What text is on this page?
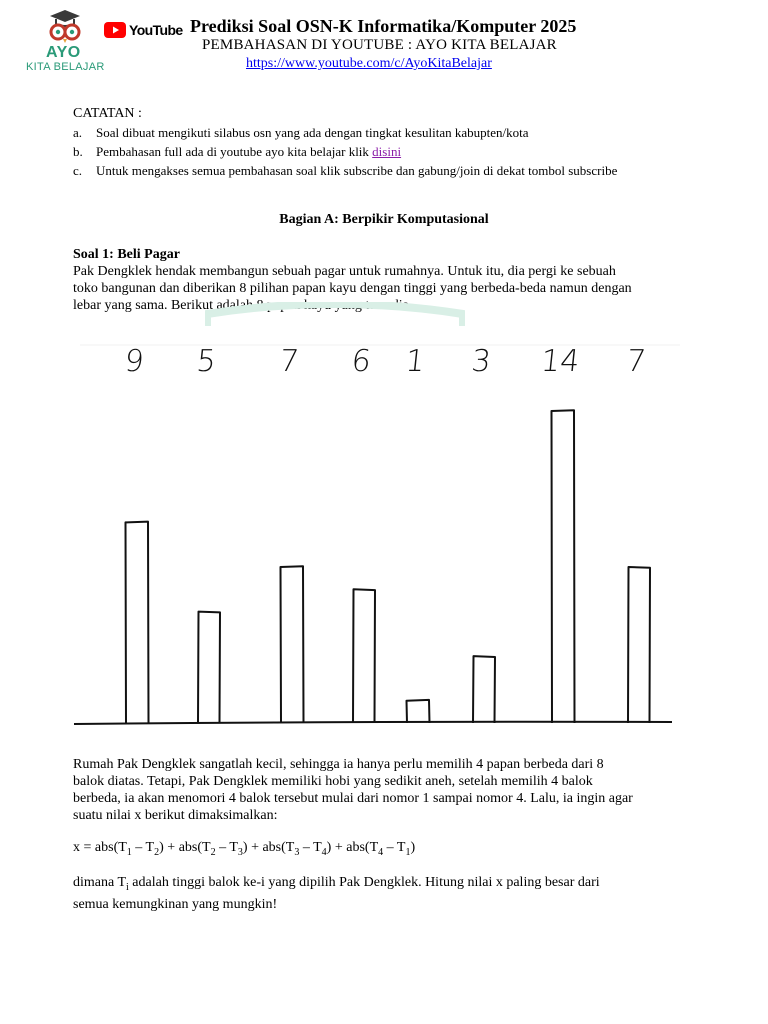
AYO
KITA BELAJAR
YouTube Prediksi Soal OSN-K Informatika/Komputer 2025
PEMBAHASAN DI YOUTUBE : AYO KITA BELAJAR
https://www.youtube.com/c/AyoKitaBelajar
CATATAN :
a. Soal dibuat mengikuti silabus osn yang ada dengan tingkat kesulitan kabupten/kota
b. Pembahasan full ada di youtube ayo kita belajar klik disini
c. Untuk mengakses semua pembahasan soal klik subscribe dan gabung/join di dekat tombol subscribe
Bagian A: Berpikir Komputasional
Soal 1: Beli Pagar
Pak Dengklek hendak membangun sebuah pagar untuk rumahnya. Untuk itu, dia pergi ke sebuah
toko bangunan dan diberikan 8 pilihan papan kayu dengan tinggi yang berbeda-beda namun dengan
lebar yang sama. Berikut adalah 8 papan kayu yang tersedia.
9 5 7 6 1 3 14 7
Rumah Pak Dengklek sangatlah kecil, sehingga ia hanya perlu memilih 4 papan berbeda dari 8
balok diatas. Tetapi, Pak Dengklek memiliki hobi yang sedikit aneh, setelah memilih 4 balok
berbeda, ia akan menomori 4 balok tersebut mulai dari nomor 1 sampai nomor 4. Lalu, ia ingin agar
suatu nilai x berikut dimaksimalkan:
$x = abs(T_1 - T_2) + abs(T_2 - T_3) + abs(T_3 - T_4) + abs(T_4 - T_1)$
dimana $T_i$ adalah tinggi balok ke-i yang dipilih Pak Dengklek. Hitung nilai x paling besar dari
semua kemungkinan yang mungkin!
